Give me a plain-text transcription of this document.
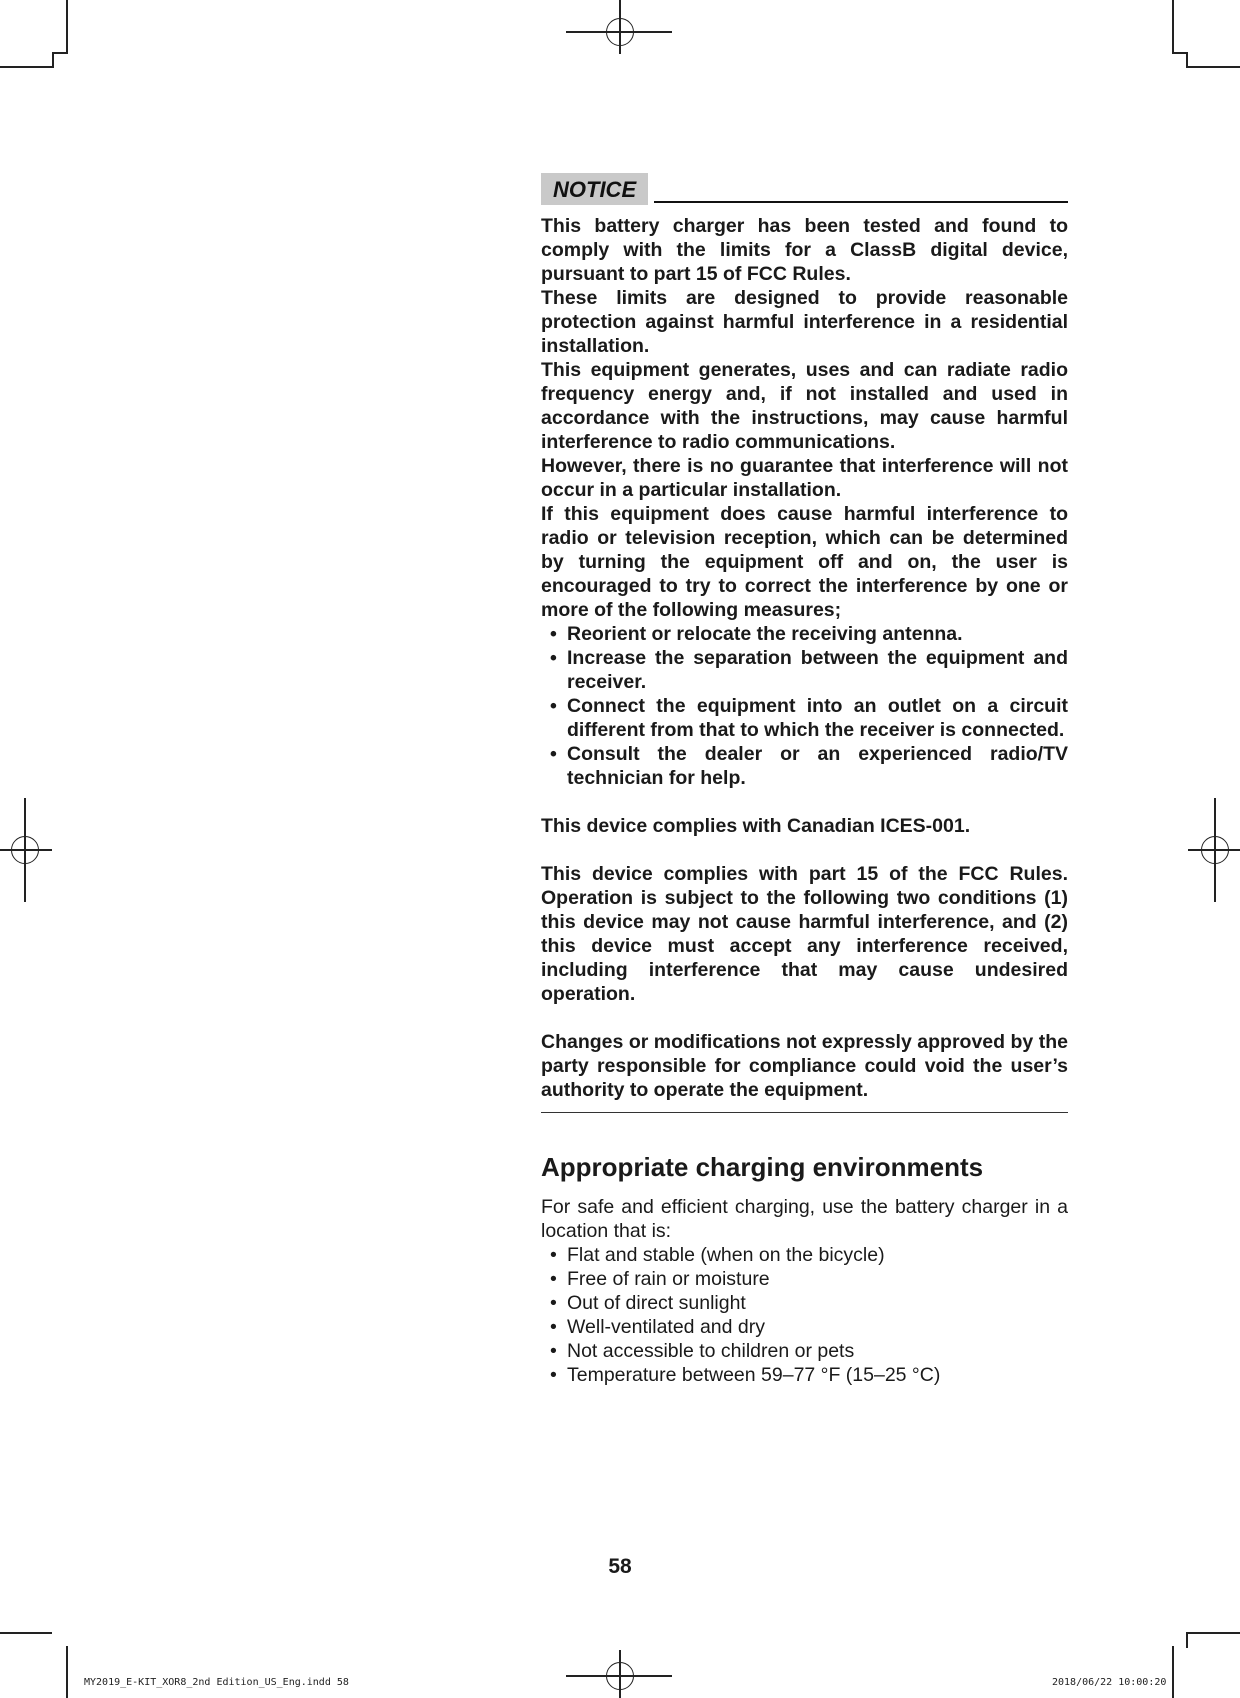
NOTICE

This battery charger has been tested and found to comply with the limits for a ClassB digital device, pursuant to part 15 of FCC Rules.

These limits are designed to provide reasonable protection against harmful interference in a residential installation.

This equipment generates, uses and can radiate radio frequency energy and, if not installed and used in accordance with the instructions, may cause harmful interference to radio communications.

However, there is no guarantee that interference will not occur in a particular installation.

If this equipment does cause harmful interference to radio or television reception, which can be determined by turning the equipment off and on, the user is encouraged to try to correct the interference by one or more of the following measures;

• Reorient or relocate the receiving antenna.
• Increase the separation between the equipment and receiver.
• Connect the equipment into an outlet on a circuit different from that to which the receiver is connected.
• Consult the dealer or an experienced radio/TV technician for help.

This device complies with Canadian ICES-001.

This device complies with part 15 of the FCC Rules. Operation is subject to the following two conditions (1) this device may not cause harmful interference, and (2) this device must accept any interference received, including interference that may cause undesired operation.

Changes or modifications not expressly approved by the party responsible for compliance could void the user’s authority to operate the equipment.

Appropriate charging environments

For safe and efficient charging, use the battery charger in a location that is:

• Flat and stable (when on the bicycle)
• Free of rain or moisture
• Out of direct sunlight
• Well-ventilated and dry
• Not accessible to children or pets
• Temperature between 59–77 °F (15–25 °C)
58
MY2019_E-KIT_XOR8_2nd Edition_US_Eng.indd 58	2018/06/22 10:00:20
